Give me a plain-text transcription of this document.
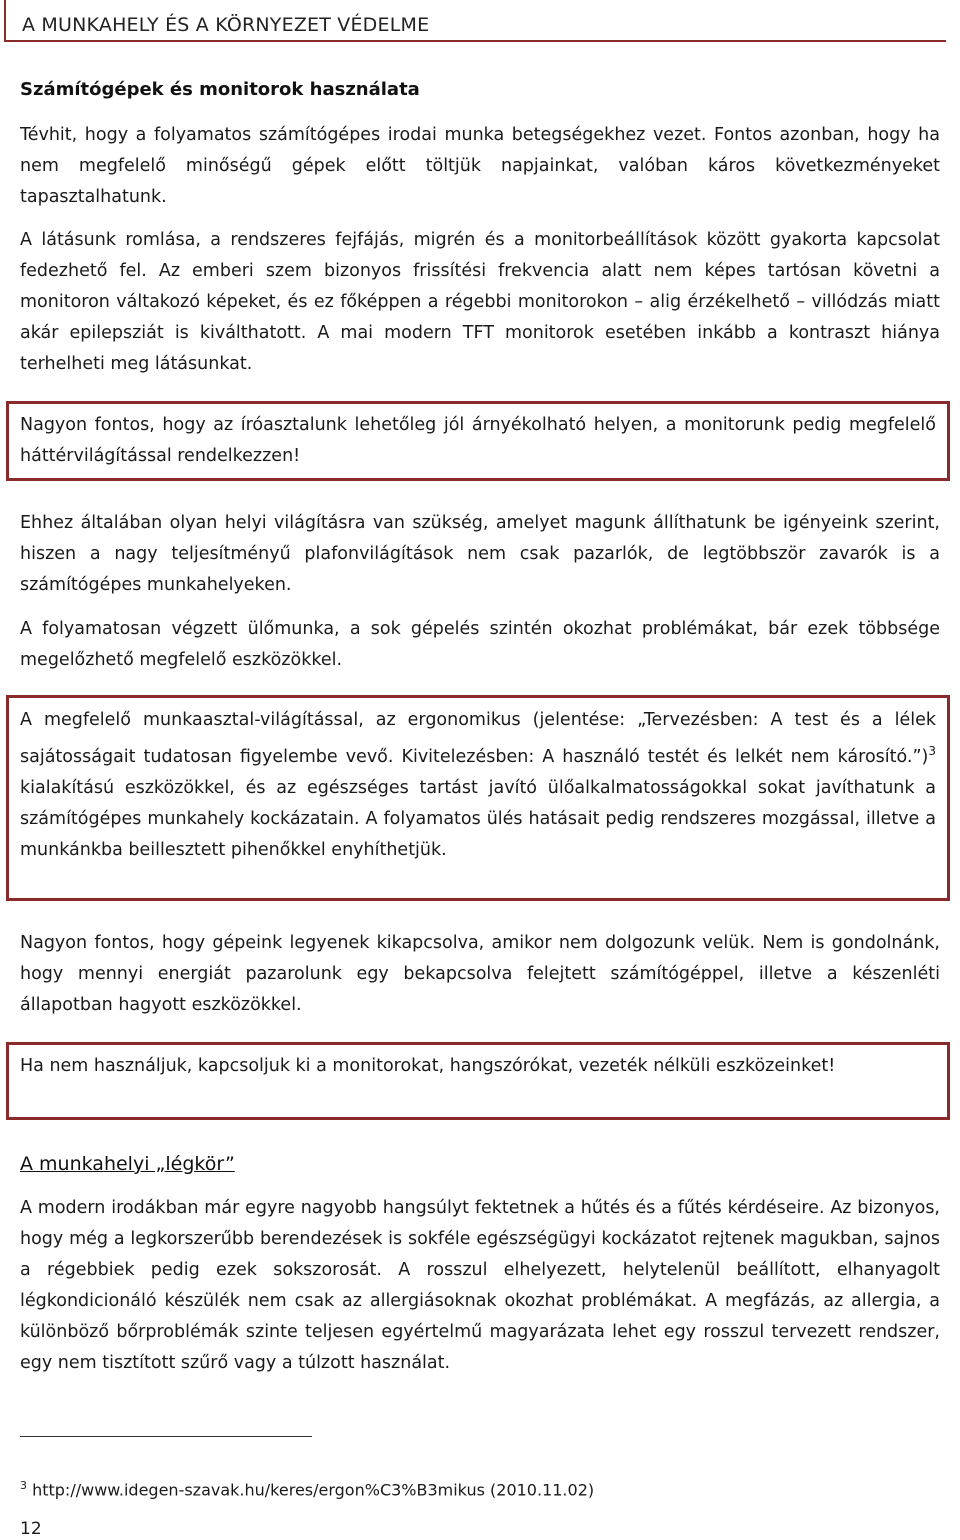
A MUNKAHELY ÉS A KÖRNYEZET VÉDELME
Számítógépek és monitorok használata

Tévhit, hogy a folyamatos számítógépes irodai munka betegségekhez vezet. Fontos azonban, hogy ha nem megfelelő minőségű gépek előtt töltjük napjainkat, valóban káros következményeket tapasztalhatunk.

A látásunk romlása, a rendszeres fejfájás, migrén és a monitorbeállítások között gyakorta kapcsolat fedezhető fel. Az emberi szem bizonyos frissítési frekvencia alatt nem képes tartósan követni a monitoron váltakozó képeket, és ez főképpen a régebbi monitorokon – alig érzékelhető – villódzás miatt akár epilepsziát is kiválthatott. A mai modern TFT monitorok esetében inkább a kontraszt hiánya terhelheti meg látásunkat.

Nagyon fontos, hogy az íróasztalunk lehetőleg jól árnyékolható helyen, a monitorunk pedig megfelelő háttérvilágítással rendelkezzen!

Ehhez általában olyan helyi világításra van szükség, amelyet magunk állíthatunk be igényeink szerint, hiszen a nagy teljesítményű plafonvilágítások nem csak pazarlók, de legtöbbször zavarók is a számítógépes munkahelyeken.

A folyamatosan végzett ülőmunka, a sok gépelés szintén okozhat problémákat, bár ezek többsége megelőzhető megfelelő eszközökkel.

A megfelelő munkaasztal-világítással, az ergonomikus (jelentése: „Tervezésben: A test és a lélek sajátosságait tudatosan figyelembe vevő. Kivitelezésben: A használó testét és lelkét nem károsító.”)$^3$ kialakítású eszközökkel, és az egészséges tartást javító ülőalkalmatosságokkal sokat javíthatunk a számítógépes munkahely kockázatain. A folyamatos ülés hatásait pedig rendszeres mozgással, illetve a munkánkba beillesztett pihenőkkel enyhíthetjük.

Nagyon fontos, hogy gépeink legyenek kikapcsolva, amikor nem dolgozunk velük. Nem is gondolnánk, hogy mennyi energiát pazarolunk egy bekapcsolva felejtett számítógéppel, illetve a készenléti állapotban hagyott eszközökkel.

Ha nem használjuk, kapcsoljuk ki a monitorokat, hangszórókat, vezeték nélküli eszközeinket!

A munkahelyi „légkör”

A modern irodákban már egyre nagyobb hangsúlyt fektetnek a hűtés és a fűtés kérdéseire. Az bizonyos, hogy még a legkorszerűbb berendezések is sokféle egészségügyi kockázatot rejtenek magukban, sajnos a régebbiek pedig ezek sokszorosát. A rosszul elhelyezett, helytelenül beállított, elhanyagolt légkondicionáló készülék nem csak az allergiásoknak okozhat problémákat. A megfázás, az allergia, a különböző bőrproblémák szinte teljesen egyértelmű magyarázata lehet egy rosszul tervezett rendszer, egy nem tisztított szűrő vagy a túlzott használat.

$^3$ http://www.idegen-szavak.hu/keres/ergon%C3%B3mikus (2010.11.02)
12
